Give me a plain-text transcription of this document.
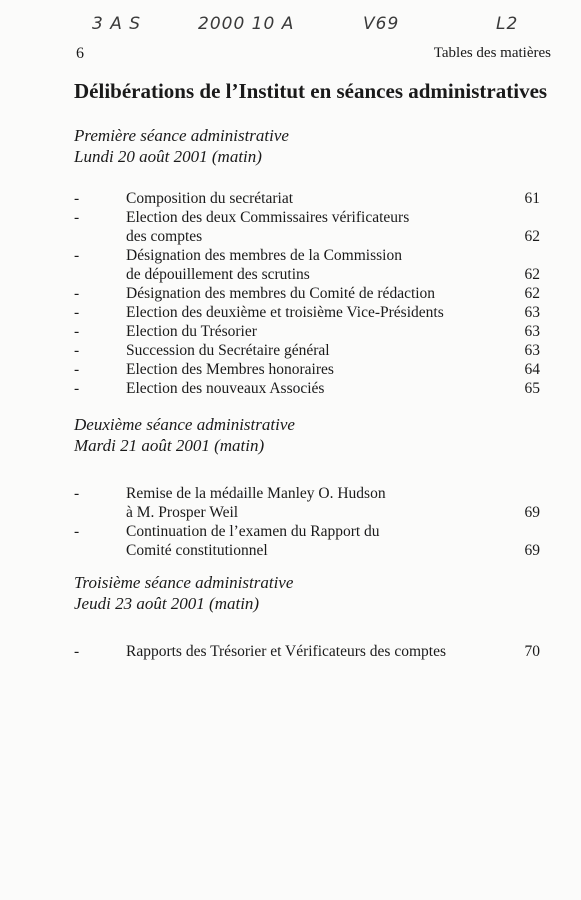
3 A S	2000 10 A	V69	L2
6	Tables des matières
Délibérations de l’Institut en séances administratives

Première séance administrative

Lundi 20 août 2001 (matin)

-	Composition du secrétariat	61
-	Election des deux Commissaires vérificateurs
des comptes	62
-	Désignation des membres de la Commission
de dépouillement des scrutins	62
-	Désignation des membres du Comité de rédaction	62
-	Election des deuxième et troisième Vice-Présidents	63
-	Election du Trésorier	63
-	Succession du Secrétaire général	63
-	Election des Membres honoraires	64
-	Election des nouveaux Associés	65

Deuxième séance administrative

Mardi 21 août 2001 (matin)

-	Remise de la médaille Manley O. Hudson
à M. Prosper Weil	69
-	Continuation de l’examen du Rapport du
Comité constitutionnel	69

Troisième séance administrative

Jeudi 23 août 2001 (matin)

-	Rapports des Trésorier et Vérificateurs des comptes	70
